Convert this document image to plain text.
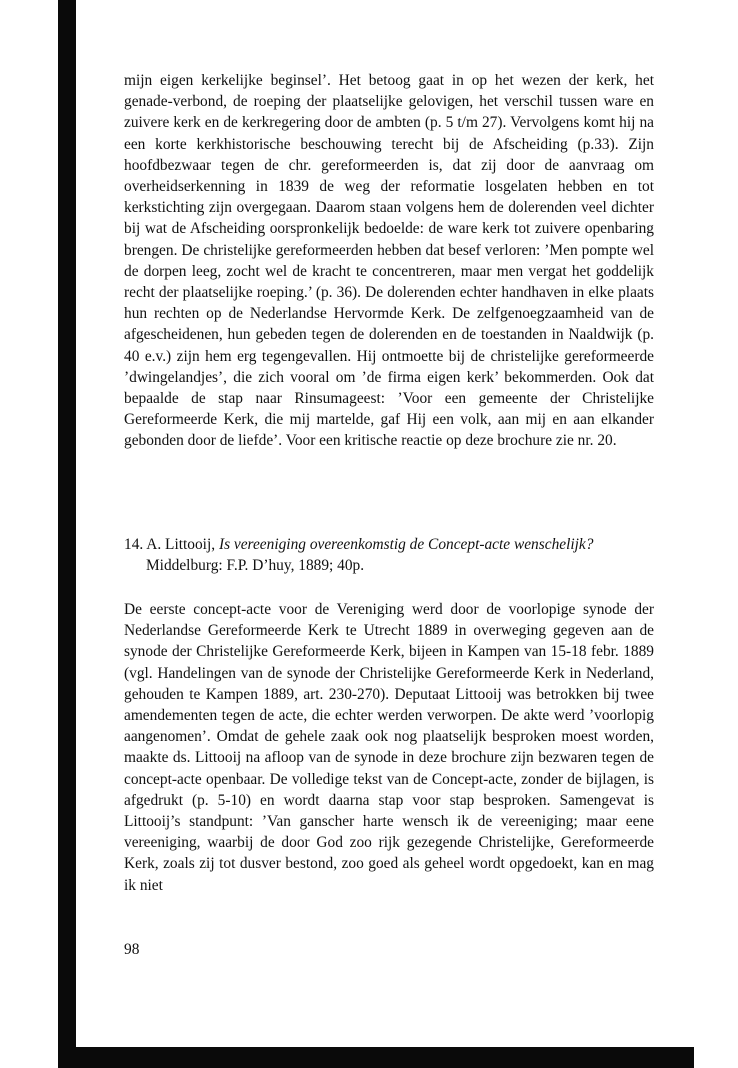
mijn eigen kerkelijke beginsel’. Het betoog gaat in op het wezen der kerk, het genade-verbond, de roeping der plaatselijke gelovigen, het verschil tussen ware en zuivere kerk en de kerkregering door de ambten (p. 5 t/m 27). Vervolgens komt hij na een korte kerkhistorische beschouwing terecht bij de Afscheiding (p.33). Zijn hoofdbezwaar tegen de chr. gereformeerden is, dat zij door de aanvraag om overheidserkenning in 1839 de weg der reformatie losgelaten hebben en tot kerkstichting zijn overgegaan. Daarom staan volgens hem de dolerenden veel dichter bij wat de Afscheiding oorspronkelijk bedoelde: de ware kerk tot zuivere openbaring brengen. De christelijke gereformeerden hebben dat besef verloren: ’Men pompte wel de dorpen leeg, zocht wel de kracht te concentreren, maar men vergat het goddelijk recht der plaatselijke roeping.’ (p. 36). De dolerenden echter handhaven in elke plaats hun rechten op de Nederlandse Hervormde Kerk. De zelfgenoegzaamheid van de afgescheidenen, hun gebeden tegen de dolerenden en de toestanden in Naaldwijk (p. 40 e.v.) zijn hem erg tegengevallen. Hij ontmoette bij de christelijke gereformeerde ’dwingelandjes’, die zich vooral om ’de firma eigen kerk’ bekommerden. Ook dat bepaalde de stap naar Rinsumageest: ’Voor een gemeente der Christelijke Gereformeerde Kerk, die mij martelde, gaf Hij een volk, aan mij en aan elkander gebonden door de liefde’. Voor een kritische reactie op deze brochure zie nr. 20.

14. A. Littooij, Is vereeniging overeenkomstig de Concept-acte wenschelijk?
Middelburg: F.P. D’huy, 1889; 40p.

De eerste concept-acte voor de Vereniging werd door de voorlopige synode der Nederlandse Gereformeerde Kerk te Utrecht 1889 in overweging gegeven aan de synode der Christelijke Gereformeerde Kerk, bijeen in Kampen van 15-18 febr. 1889 (vgl. Handelingen van de synode der Christelijke Gereformeerde Kerk in Nederland, gehouden te Kampen 1889, art. 230-270). Deputaat Littooij was betrokken bij twee amendementen tegen de acte, die echter werden verworpen. De akte werd ’voorlopig aangenomen’. Omdat de gehele zaak ook nog plaatselijk besproken moest worden, maakte ds. Littooij na afloop van de synode in deze brochure zijn bezwaren tegen de concept-acte openbaar. De volledige tekst van de Concept-acte, zonder de bijlagen, is afgedrukt (p. 5-10) en wordt daarna stap voor stap besproken. Samengevat is Littooij’s standpunt: ’Van ganscher harte wensch ik de vereeniging; maar eene vereeniging, waarbij de door God zoo rijk gezegende Christelijke, Gereformeerde Kerk, zoals zij tot dusver bestond, zoo goed als geheel wordt opgedoekt, kan en mag ik niet

98
